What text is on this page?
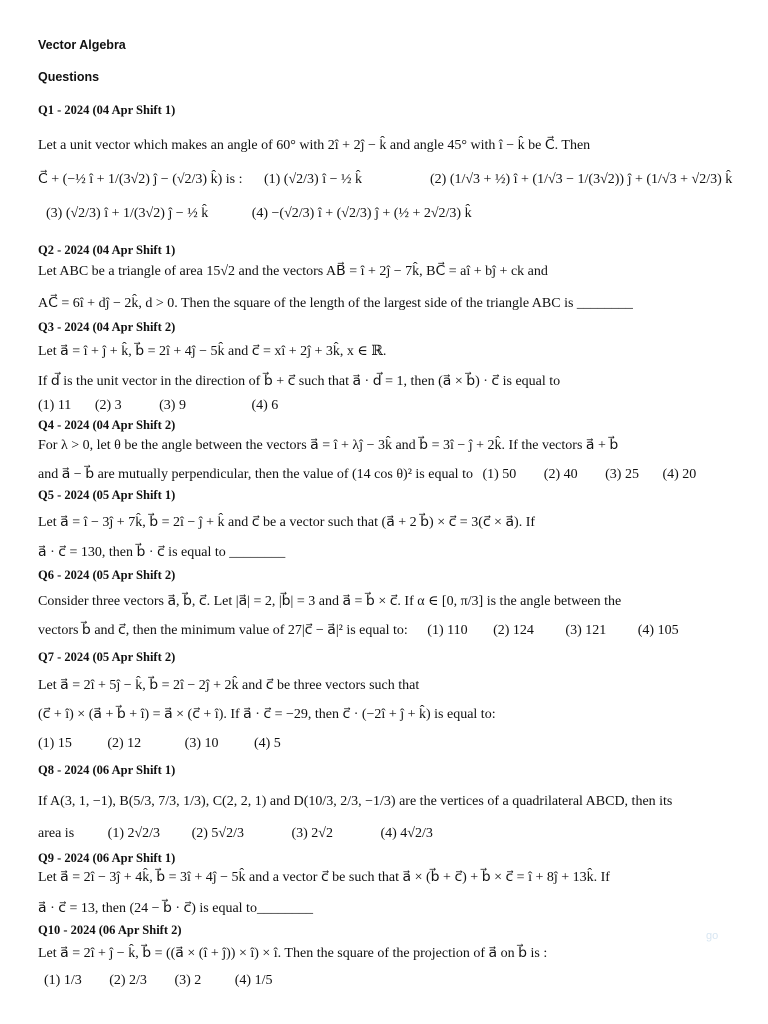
Vector Algebra
Questions
Q1 - 2024 (04 Apr Shift 1)
Let a unit vector which makes an angle of 60° with 2î + 2ĵ − k̂ and angle 45° with î − k̂ be C⃗. Then
C⃗ + (−½ î + 1/(3√2) ĵ − (√2/3) k̂) is : (1) (√2/3) î − ½ k̂	(2) (1/√3 + ½) î + (1/√3 − 1/(3√2)) ĵ + (1/√3 + √2/3) k̂
(3) (√2/3) î + 1/(3√2) ĵ − ½ k̂	(4) −(√2/3) î + (√2/3) ĵ + (½ + 2√2/3) k̂
Q2 - 2024 (04 Apr Shift 1)
Let ABC be a triangle of area 15√2 and the vectors AB⃗ = î + 2ĵ − 7k̂, BC⃗ = aî + bĵ + ck and
AC⃗ = 6î + dĵ − 2k̂, d > 0. Then the square of the length of the largest side of the triangle ABC is ________
Q3 - 2024 (04 Apr Shift 2)
Let a⃗ = î + ĵ + k̂, b⃗ = 2î + 4ĵ − 5k̂ and c⃗ = xî + 2ĵ + 3k̂, x ∈ ℝ.
If d⃗ is the unit vector in the direction of b⃗ + c⃗ such that a⃗ · d⃗ = 1, then (a⃗ × b⃗) · c⃗ is equal to
(1) 11 (2) 3	(3) 9	(4) 6
Q4 - 2024 (04 Apr Shift 2)
For λ > 0, let θ be the angle between the vectors a⃗ = î + λĵ − 3k̂ and b⃗ = 3î − ĵ + 2k̂. If the vectors a⃗ + b⃗
and a⃗ − b⃗ are mutually perpendicular, then the value of (14 cos θ)² is equal to (1) 50 (2) 40 (3) 25 (4) 20
Q5 - 2024 (05 Apr Shift 1)
Let a⃗ = î − 3ĵ + 7k̂, b⃗ = 2î − ĵ + k̂ and c⃗ be a vector such that (a⃗ + 2 b⃗) × c⃗ = 3(c⃗ × a⃗). If
a⃗ · c⃗ = 130, then b⃗ · c⃗ is equal to ________
Q6 - 2024 (05 Apr Shift 2)
Consider three vectors a⃗, b⃗, c⃗. Let |a⃗| = 2, |b⃗| = 3 and a⃗ = b⃗ × c⃗. If α ∈ [0, π/3] is the angle between the
vectors b⃗ and c⃗, then the minimum value of 27|c⃗ − a⃗|² is equal to: (1) 110 (2) 124 (3) 121 (4) 105
Q7 - 2024 (05 Apr Shift 2)
Let a⃗ = 2î + 5ĵ − k̂, b⃗ = 2î − 2ĵ + 2k̂ and c⃗ be three vectors such that
(c⃗ + î) × (a⃗ + b⃗ + î) = a⃗ × (c⃗ + î). If a⃗ · c⃗ = −29, then c⃗ · (−2î + ĵ + k̂) is equal to:
(1) 15	(2) 12	(3) 10	(4) 5
Q8 - 2024 (06 Apr Shift 1)
If A(3, 1, −1), B(5/3, 7/3, 1/3), C(2, 2, 1) and D(10/3, 2/3, −1/3) are the vertices of a quadrilateral ABCD, then its
area is (1) 2√2/3 (2) 5√2/3	(3) 2√2	(4) 4√2/3
Q9 - 2024 (06 Apr Shift 1)
Let a⃗ = 2î − 3ĵ + 4k̂, b⃗ = 3î + 4ĵ − 5k̂ and a vector c⃗ be such that a⃗ × (b⃗ + c⃗) + b⃗ × c⃗ = î + 8ĵ + 13k̂. If
a⃗ · c⃗ = 13, then (24 − b⃗ · c⃗) is equal to________
Q10 - 2024 (06 Apr Shift 2)
Let a⃗ = 2î + ĵ − k̂, b⃗ = ((a⃗ × (î + ĵ)) × î) × î. Then the square of the projection of a⃗ on b⃗ is :
(1) 1/3 (2) 2/3 (3) 2 (4) 1/5
go
